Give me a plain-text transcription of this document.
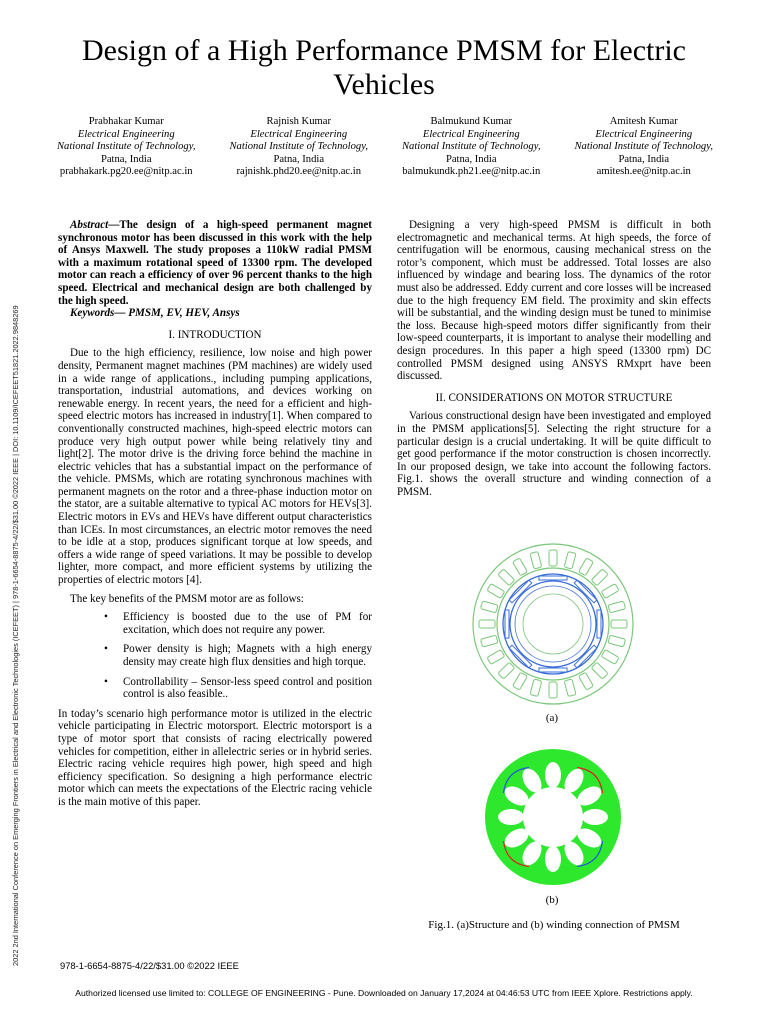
Design of a High Performance PMSM for Electric Vehicles
Prabhakar Kumar
Electrical Engineering
National Institute of Technology,
Patna, India
prabhakark.pg20.ee@nitp.ac.in
Rajnish Kumar
Electrical Engineering
National Institute of Technology,
Patna, India
rajnishk.phd20.ee@nitp.ac.in
Balmukund Kumar
Electrical Engineering
National Institute of Technology,
Patna, India
balmukundk.ph21.ee@nitp.ac.in
Amitesh Kumar
Electrical Engineering
National Institute of Technology,
Patna, India
amitesh.ee@nitp.ac.in
2022 2nd International Conference on Emerging Frontiers in Electrical and Electronic Technologies (ICEFEET) | 978-1-6654-8875-4/22/$31.00 ©2022 IEEE | DOI: 10.1109/ICEFEET51821.2022.9848269

Abstract—The design of a high-speed permanent magnet synchronous motor has been discussed in this work with the help of Ansys Maxwell. The study proposes a 110kW radial PMSM with a maximum rotational speed of 13300 rpm. The developed motor can reach a efficiency of over 96 percent thanks to the high speed. Electrical and mechanical design are both challenged by the high speed.

Keywords— PMSM, EV, HEV, Ansys

I. INTRODUCTION

Due to the high efficiency, resilience, low noise and high power density, Permanent magnet machines (PM machines) are widely used in a wide range of applications., including pumping applications, transportation, industrial automations, and devices working on renewable energy. In recent years, the need for a efficient and high-speed electric motors has increased in industry[1]. When compared to conventionally constructed machines, high-speed electric motors can produce very high output power while being relatively tiny and light[2]. The motor drive is the driving force behind the machine in electric vehicles that has a substantial impact on the performance of the vehicle. PMSMs, which are rotating synchronous machines with permanent magnets on the rotor and a three-phase induction motor on the stator, are a suitable alternative to typical AC motors for HEVs[3]. Electric motors in EVs and HEVs have different output characteristics than ICEs. In most circumstances, an electric motor removes the need to be idle at a stop, produces significant torque at low speeds, and offers a wide range of speed variations. It may be possible to develop lighter, more compact, and more efficient systems by utilizing the properties of electric motors [4].

The key benefits of the PMSM motor are as follows:

• Efficiency is boosted due to the use of PM for excitation, which does not require any power.
• Power density is high; Magnets with a high energy density may create high flux densities and high torque.
• Controllability – Sensor-less speed control and position control is also feasible..

In today’s scenario high performance motor is utilized in the electric vehicle participating in Electric motorsport. Electric motorsport is a type of motor sport that consists of racing electrically powered vehicles for competition, either in allelectric series or in hybrid series. Electric racing vehicle requires high power, high speed and high efficiency specification. So designing a high performance electric motor which can meets the expectations of the Electric racing vehicle is the main motive of this paper.

Designing a very high-speed PMSM is difficult in both electromagnetic and mechanical terms. At high speeds, the force of centrifugation will be enormous, causing mechanical stress on the rotor’s component, which must be addressed. Total losses are also influenced by windage and bearing loss. The dynamics of the rotor must also be addressed. Eddy current and core losses will be increased due to the high frequency EM field. The proximity and skin effects will be substantial, and the winding design must be tuned to minimise the loss. Because high-speed motors differ significantly from their low-speed counterparts, it is important to analyse their modelling and design procedures. In this paper a high speed (13300 rpm) DC controlled PMSM designed using ANSYS RMxprt have been discussed.

II. CONSIDERATIONS ON MOTOR STRUCTURE

Various constructional design have been investigated and employed in the PMSM applications[5]. Selecting the right structure for a particular design is a crucial undertaking. It will be quite difficult to get good performance if the motor construction is chosen incorrectly. In our proposed design, we take into account the following factors. Fig.1. shows the overall structure and winding connection of a PMSM.

(a)
(b)
Fig.1. (a)Structure and (b) winding connection of PMSM
978-1-6654-8875-4/22/$31.00 ©2022 IEEE
Authorized licensed use limited to: COLLEGE OF ENGINEERING - Pune. Downloaded on January 17,2024 at 04:46:53 UTC from IEEE Xplore. Restrictions apply.
